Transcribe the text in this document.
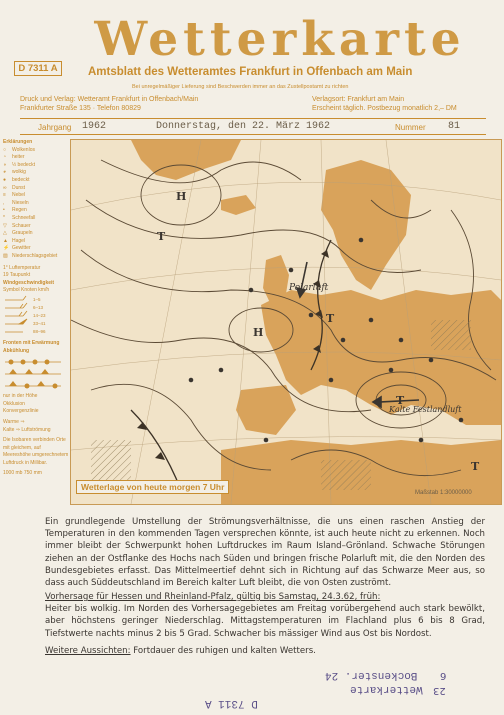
D 7311 A
Wetterkarte
Amtsblatt des Wetteramtes Frankfurt in Offenbach am Main
Bei unregelmäßiger Lieferung sind Beschwerden immer an das Zustellpostamt zu richten
Druck und Verlag: Wetteramt Frankfurt in Offenbach/Main
Frankfurter Straße 135 · Telefon 80829
Verlagsort: Frankfurt am Main
Erscheint täglich. Postbezug monatlich 2,– DM
Jahrgang 1962	Donnerstag, den 22. März 1962	Nummer 81
Erklärungen
○ Wolkenlos
◔ heiter
◑ ½ bedeckt
◕ wolkig
● bedeckt
∞ Dunst
≡ Nebel
, Nieseln
• Regen
* Schneefall
▽ Schauer
△ Graupeln
▲ Hagel
⚡ Gewitter
▨ Niederschlagsgebiet
1° Luftemperatur
19 Taupunkt
Windgeschwindigkeit
Symbol Knoten km/h
1–5
6–13
14–23
33–41
88–96
Fronten mit Erwärmung Abkühlung
nur in der Höhe
Okklusion
Konvergenzlinie
Warme ⇒
Kalte ⇒ Luftströmung
Die Isobaren verbinden Orte mit gleichem, auf Meereshöhe umgerechnetem Luftdruck in Millibar.
1000 mb 750 mm
Polarluft
Kalte Festlandluft
T
H
H
T
T
T
Wetterlage von heute morgen 7 Uhr
Maßstab 1:30000000

Ein grundlegende Umstellung der Strömungsverhältnisse, die uns einen raschen Anstieg der Temperaturen in den kommenden Tagen versprechen könnte, ist auch heute nicht zu erkennen. Noch immer bleibt der Schwerpunkt hohen Luftdruckes im Raum Island–Grönland. Schwache Störungen ziehen an der Ostflanke des Hochs nach Süden und bringen frische Polarluft mit, die den Norden des Bundesgebietes erfasst. Das Mittelmeertief dehnt sich in Richtung auf das Schwarze Meer aus, so dass auch Süddeutschland im Bereich kalter Luft bleibt, die von Osten zuströmt.

Vorhersage für Hessen und Rheinland-Pfalz, gültig bis Samstag, 24.3.62, früh:

Heiter bis wolkig. Im Norden des Vorhersagegebietes am Freitag vorübergehend auch stark bewölkt, aber höchstens geringer Niederschlag. Mittagstemperaturen im Flachland plus 6 bis 8 Grad, Tiefstwerte nachts minus 2 bis 5 Grad. Schwacher bis mässiger Wind aus Ost bis Nordost.

Weitere Aussichten: Fortdauer des ruhigen und kalten Wetters.

Wetterkarte
Bockenster. 24
23
6
D 7311 A
